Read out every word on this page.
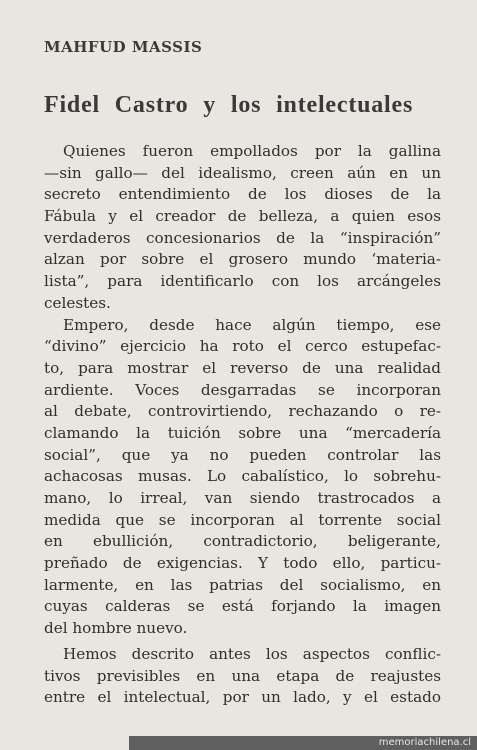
MAHFUD MASSIS
Fidel Castro y los intelectuales
Quienes fueron empollados por la gallina
—sin gallo— del idealismo, creen aún en un
secreto entendimiento de los dioses de la
Fábula y el creador de belleza, a quien esos
verdaderos concesionarios de la “inspiración”
alzan por sobre el grosero mundo ‘materia-
lista”, para identificarlo con los arcángeles
celestes.
Empero, desde hace algún tiempo, ese
“divino” ejercicio ha roto el cerco estupefac-
to, para mostrar el reverso de una realidad
ardiente. Voces desgarradas se incorporan
al debate, controvirtiendo, rechazando o re-
clamando la tuición sobre una “mercadería
social”, que ya no pueden controlar las
achacosas musas. Lo cabalístico, lo sobrehu-
mano, lo irreal, van siendo trastrocados a
medida que se incorporan al torrente social
en ebullición, contradictorio, beligerante,
preñado de exigencias. Y todo ello, particu-
larmente, en las patrias del socialismo, en
cuyas calderas se está forjando la imagen
del hombre nuevo.
Hemos descrito antes los aspectos conflic-
tivos previsibles en una etapa de reajustes
entre el intelectual, por un lado, y el estado
memoriachilena.cl
